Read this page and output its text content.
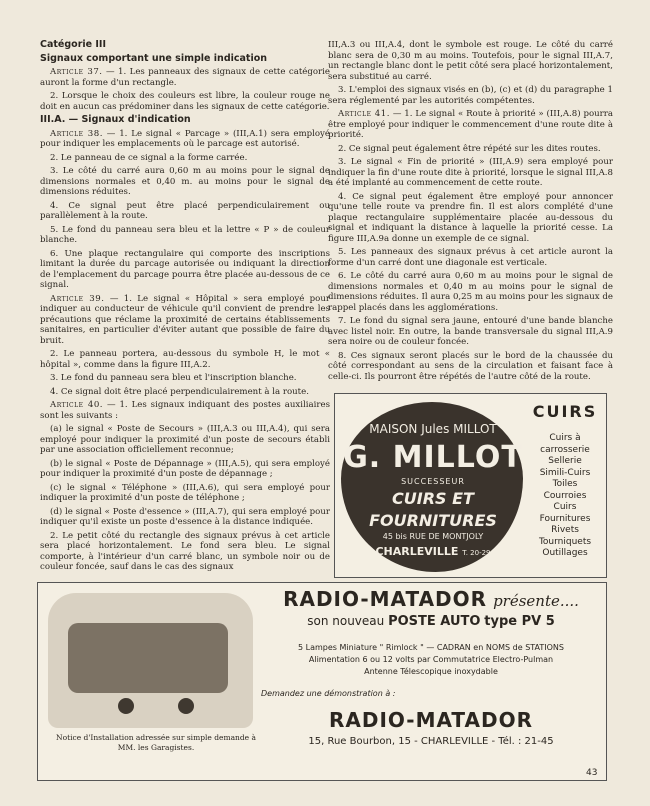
Catégorie III

Signaux comportant une simple indication

Article 37. — 1. Les panneaux des signaux de cette catégorie auront la forme d'un rectangle.

2. Lorsque le choix des couleurs est libre, la couleur rouge ne doit en aucun cas prédominer dans les signaux de cette catégorie.

III.A. — Signaux d'indication

Article 38. — 1. Le signal « Parcage » (III,A.1) sera employé pour indiquer les emplacements où le parcage est autorisé.

2. Le panneau de ce signal a la forme carrée.

3. Le côté du carré aura 0,60 m au moins pour le signal de dimensions normales et 0,40 m. au moins pour le signal de dimensions réduites.

4. Ce signal peut être placé perpendiculairement ou parallèlement à la route.

5. Le fond du panneau sera bleu et la lettre « P » de couleur blanche.

6. Une plaque rectangulaire qui comporte des inscriptions limitant la durée du parcage autorisée ou indiquant la direction de l'emplacement du parcage pourra être placée au-dessous de ce signal.

Article 39. — 1. Le signal « Hôpital » sera employé pour indiquer au conducteur de véhicule qu'il convient de prendre les précautions que réclame la proximité de certains établissements sanitaires, en particulier d'éviter autant que possible de faire du bruit.

2. Le panneau portera, au-dessous du symbole H, le mot « hôpital », comme dans la figure III,A.2.

3. Le fond du panneau sera bleu et l'inscription blanche.

4. Ce signal doit être placé perpendiculairement à la route.

Article 40. — 1. Les signaux indiquant des postes auxiliaires sont les suivants :

(a) le signal « Poste de Secours » (III,A.3 ou III,A.4), qui sera employé pour indiquer la proximité d'un poste de secours établi par une association officiellement reconnue;

(b) le signal « Poste de Dépannage » (III,A.5), qui sera employé pour indiquer la proximité d'un poste de dépannage ;

(c) le signal « Téléphone » (III,A.6), qui sera employé pour indiquer la proximité d'un poste de téléphone ;

(d) le signal « Poste d'essence » (III,A.7), qui sera employé pour indiquer qu'il existe un poste d'essence à la distance indiquée.

2. Le petit côté du rectangle des signaux prévus à cet article sera placé horizontalement. Le fond sera bleu. Le signal comporte, à l'intérieur d'un carré blanc, un symbole noir ou de couleur foncée, sauf dans le cas des signaux

III,A.3 ou III,A.4, dont le symbole est rouge. Le côté du carré blanc sera de 0,30 m au moins. Toutefois, pour le signal III,A.7, un rectangle blanc dont le petit côté sera placé horizontalement, sera substitué au carré.

3. L'emploi des signaux visés en (b), (c) et (d) du paragraphe 1 sera réglementé par les autorités compétentes.

Article 41. — 1. Le signal « Route à priorité » (III,A.8) pourra être employé pour indiquer le commencement d'une route dite à priorité.

2. Ce signal peut également être répété sur les dites routes.

3. Le signal « Fin de priorité » (III,A.9) sera employé pour indiquer la fin d'une route dite à priorité, lorsque le signal III,A.8 a été implanté au commencement de cette route.

4. Ce signal peut également être employé pour annoncer qu'une telle route va prendre fin. Il est alors complété d'une plaque rectangulaire supplémentaire placée au-dessous du signal et indiquant la distance à laquelle la priorité cesse. La figure III,A.9a donne un exemple de ce signal.

5. Les panneaux des signaux prévus à cet article auront la forme d'un carré dont une diagonale est verticale.

6. Le côté du carré aura 0,60 m au moins pour le signal de dimensions normales et 0,40 m au moins pour le signal de dimensions réduites. Il aura 0,25 m au moins pour les signaux de rappel placés dans les agglomérations.

7. Le fond du signal sera jaune, entouré d'une bande blanche avec listel noir. En outre, la bande transversale du signal III,A.9 sera noire ou de couleur foncée.

8. Ces signaux seront placés sur le bord de la chaussée du côté correspondant au sens de la circulation et faisant face à celle-ci. Ils pourront être répétés de l'autre côté de la route.

MAISON Jules MILLOT
G. MILLOT
SUCCESSEUR
CUIRS ET
FOURNITURES
45 bis RUE DE MONTJOLY
CHARLEVILLE T. 20-29
CUIRS
Cuirs à
carrosserie
Sellerie
Simili-Cuirs
Toiles
Courroies
Cuirs
Fournitures
Rivets
Tourniquets
Outillages
Notice d'Installation adressée sur simple demande à MM. les Garagistes.
RADIO-MATADOR présente....
son nouveau POSTE AUTO type PV 5
5 Lampes Miniature " Rimlock " — CADRAN en NOMS de STATIONS
Alimentation 6 ou 12 volts par Commutatrice Electro-Pulman
Antenne Télescopique inoxydable
Demandez une démonstration à :
RADIO-MATADOR
15, Rue Bourbon, 15 - CHARLEVILLE - Tél. : 21-45
43
